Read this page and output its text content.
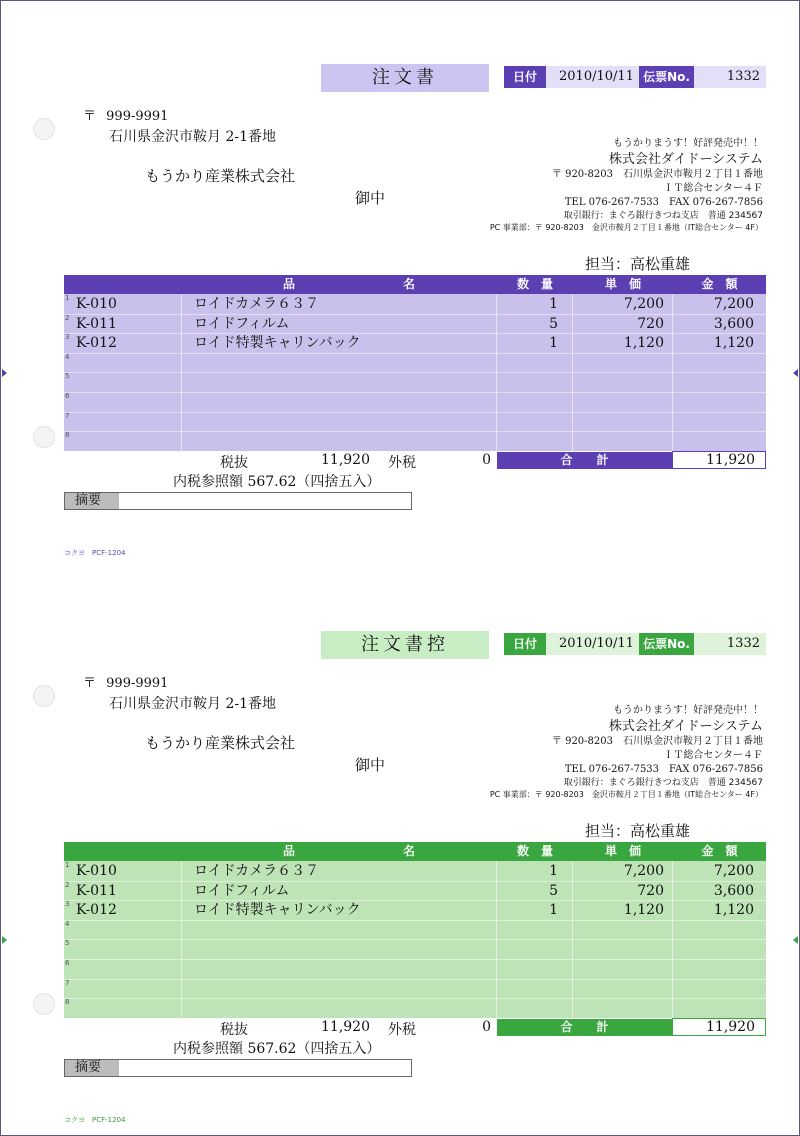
注文書	日付	2010/10/11 伝票No.	1332
〒 999-9991
石川県金沢市鞍月 2-1番地
もうかり産業株式会社
御中
もうかりまうす！好評発売中！！
株式会社ダイドーシステム
〒 920-8203　石川県金沢市鞍月２丁目１番地
ＩＴ総合センター４Ｆ
TEL 076-267-7533　FAX 076-267-7856
取引銀行：まぐろ銀行きつね支店　普通 234567
PC 事業部：〒 920-8203　金沢市鞍月２丁目１番地（IT総合センター 4F）
担当：高松重雄
品　　　　　　　　　名	数　量	単　価	金　額
1 K-010	ロイドカメラ６３７	1	7,200	7,200
2 K-011	ロイドフィルム	5	720	3,600
3 K-012	ロイド特製キャリンバック	1	1,120	1,120
4
5
6
7
8
税抜	11,920 外税	0	合　　計	11,920
内税参照額 567.62（四捨五入）
摘要
コクヨ　PCF-1204
注文書控	日付	2010/10/11 伝票No.	1332
〒 999-9991
石川県金沢市鞍月 2-1番地
もうかり産業株式会社
御中
もうかりまうす！好評発売中！！
株式会社ダイドーシステム
〒 920-8203　石川県金沢市鞍月２丁目１番地
ＩＴ総合センター４Ｆ
TEL 076-267-7533　FAX 076-267-7856
取引銀行：まぐろ銀行きつね支店　普通 234567
PC 事業部：〒 920-8203　金沢市鞍月２丁目１番地（IT総合センター 4F）
担当：高松重雄
品　　　　　　　　　名	数　量	単　価	金　額
1 K-010	ロイドカメラ６３７	1	7,200	7,200
2 K-011	ロイドフィルム	5	720	3,600
3 K-012	ロイド特製キャリンバック	1	1,120	1,120
4
5
6
7
8
税抜	11,920 外税	0	合　　計	11,920
内税参照額 567.62（四捨五入）
摘要
コクヨ　PCF-1204
